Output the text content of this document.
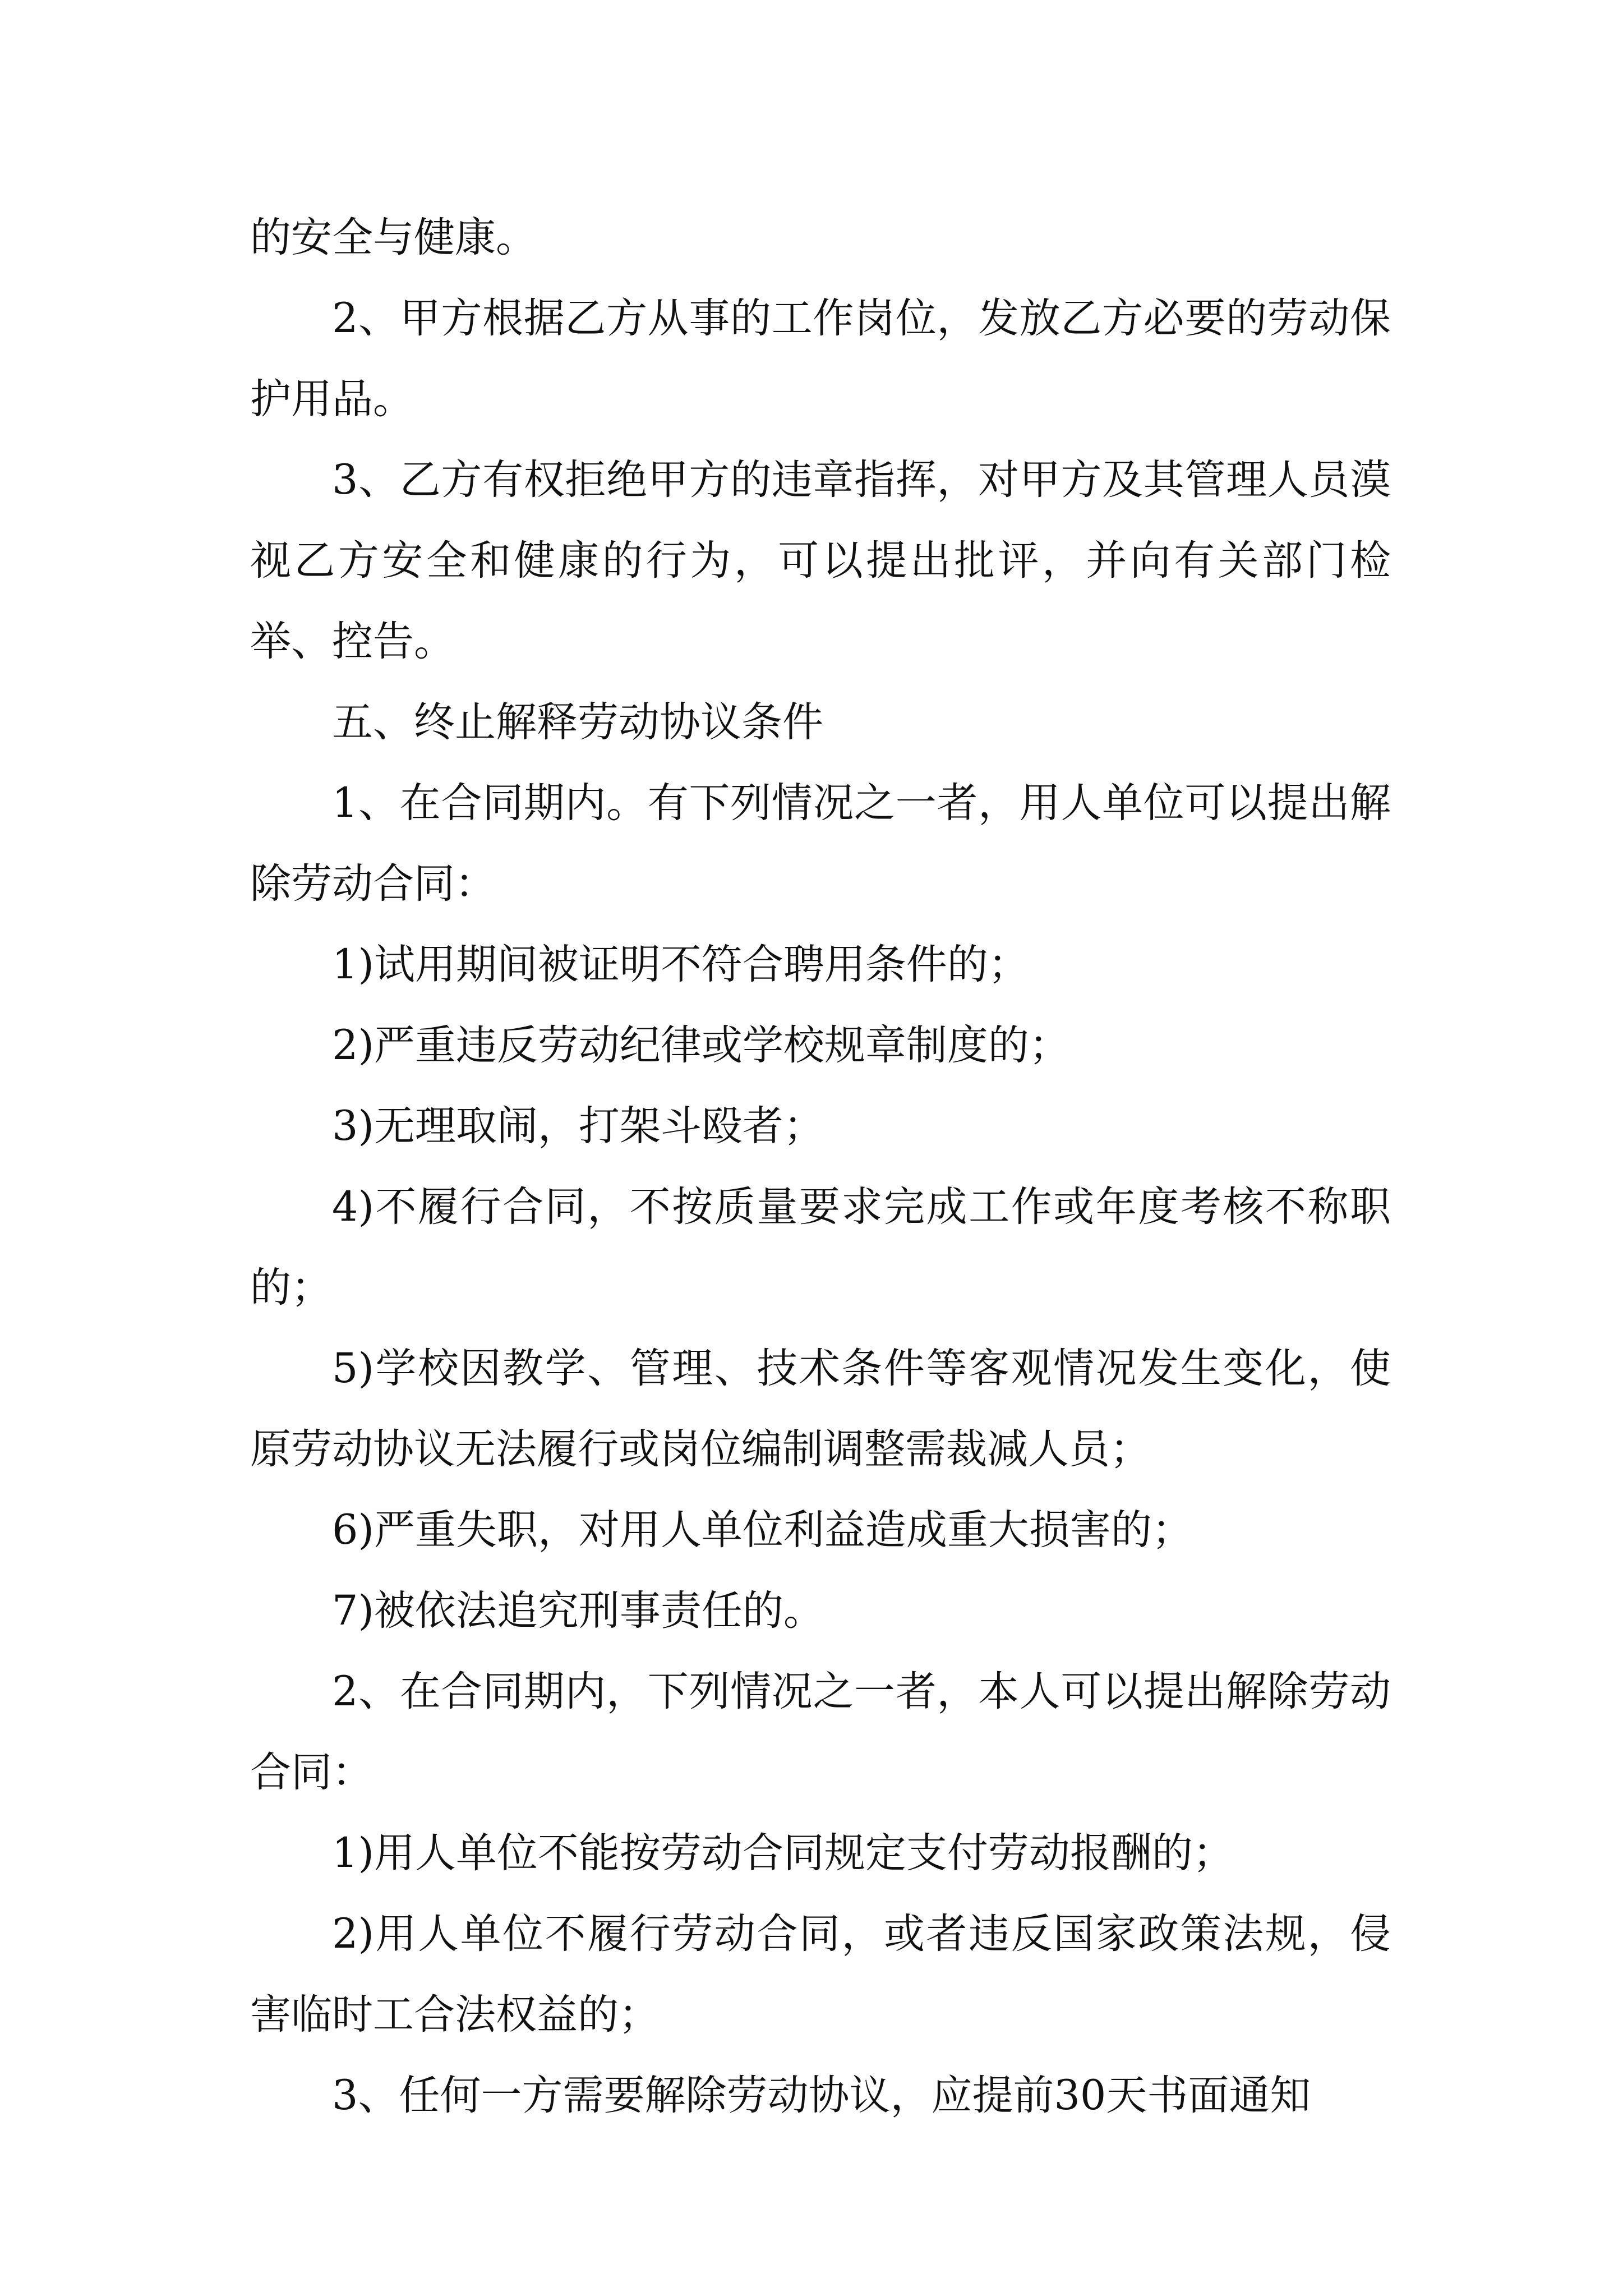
的安全与健康。

2、甲方根据乙方从事的工作岗位，发放乙方必要的劳动保护用品。

3、乙方有权拒绝甲方的违章指挥，对甲方及其管理人员漠视乙方安全和健康的行为，可以提出批评，并向有关部门检举、控告。

五、终止解释劳动协议条件

1、在合同期内。有下列情况之一者，用人单位可以提出解除劳动合同：

1)试用期间被证明不符合聘用条件的；

2)严重违反劳动纪律或学校规章制度的；

3)无理取闹，打架斗殴者；

4)不履行合同，不按质量要求完成工作或年度考核不称职的；

5)学校因教学、管理、技术条件等客观情况发生变化，使原劳动协议无法履行或岗位编制调整需裁减人员；

6)严重失职，对用人单位利益造成重大损害的；

7)被依法追究刑事责任的。

2、在合同期内，下列情况之一者，本人可以提出解除劳动合同：

1)用人单位不能按劳动合同规定支付劳动报酬的；

2)用人单位不履行劳动合同，或者违反国家政策法规，侵害临时工合法权益的；

3、任何一方需要解除劳动协议，应提前30天书面通知
